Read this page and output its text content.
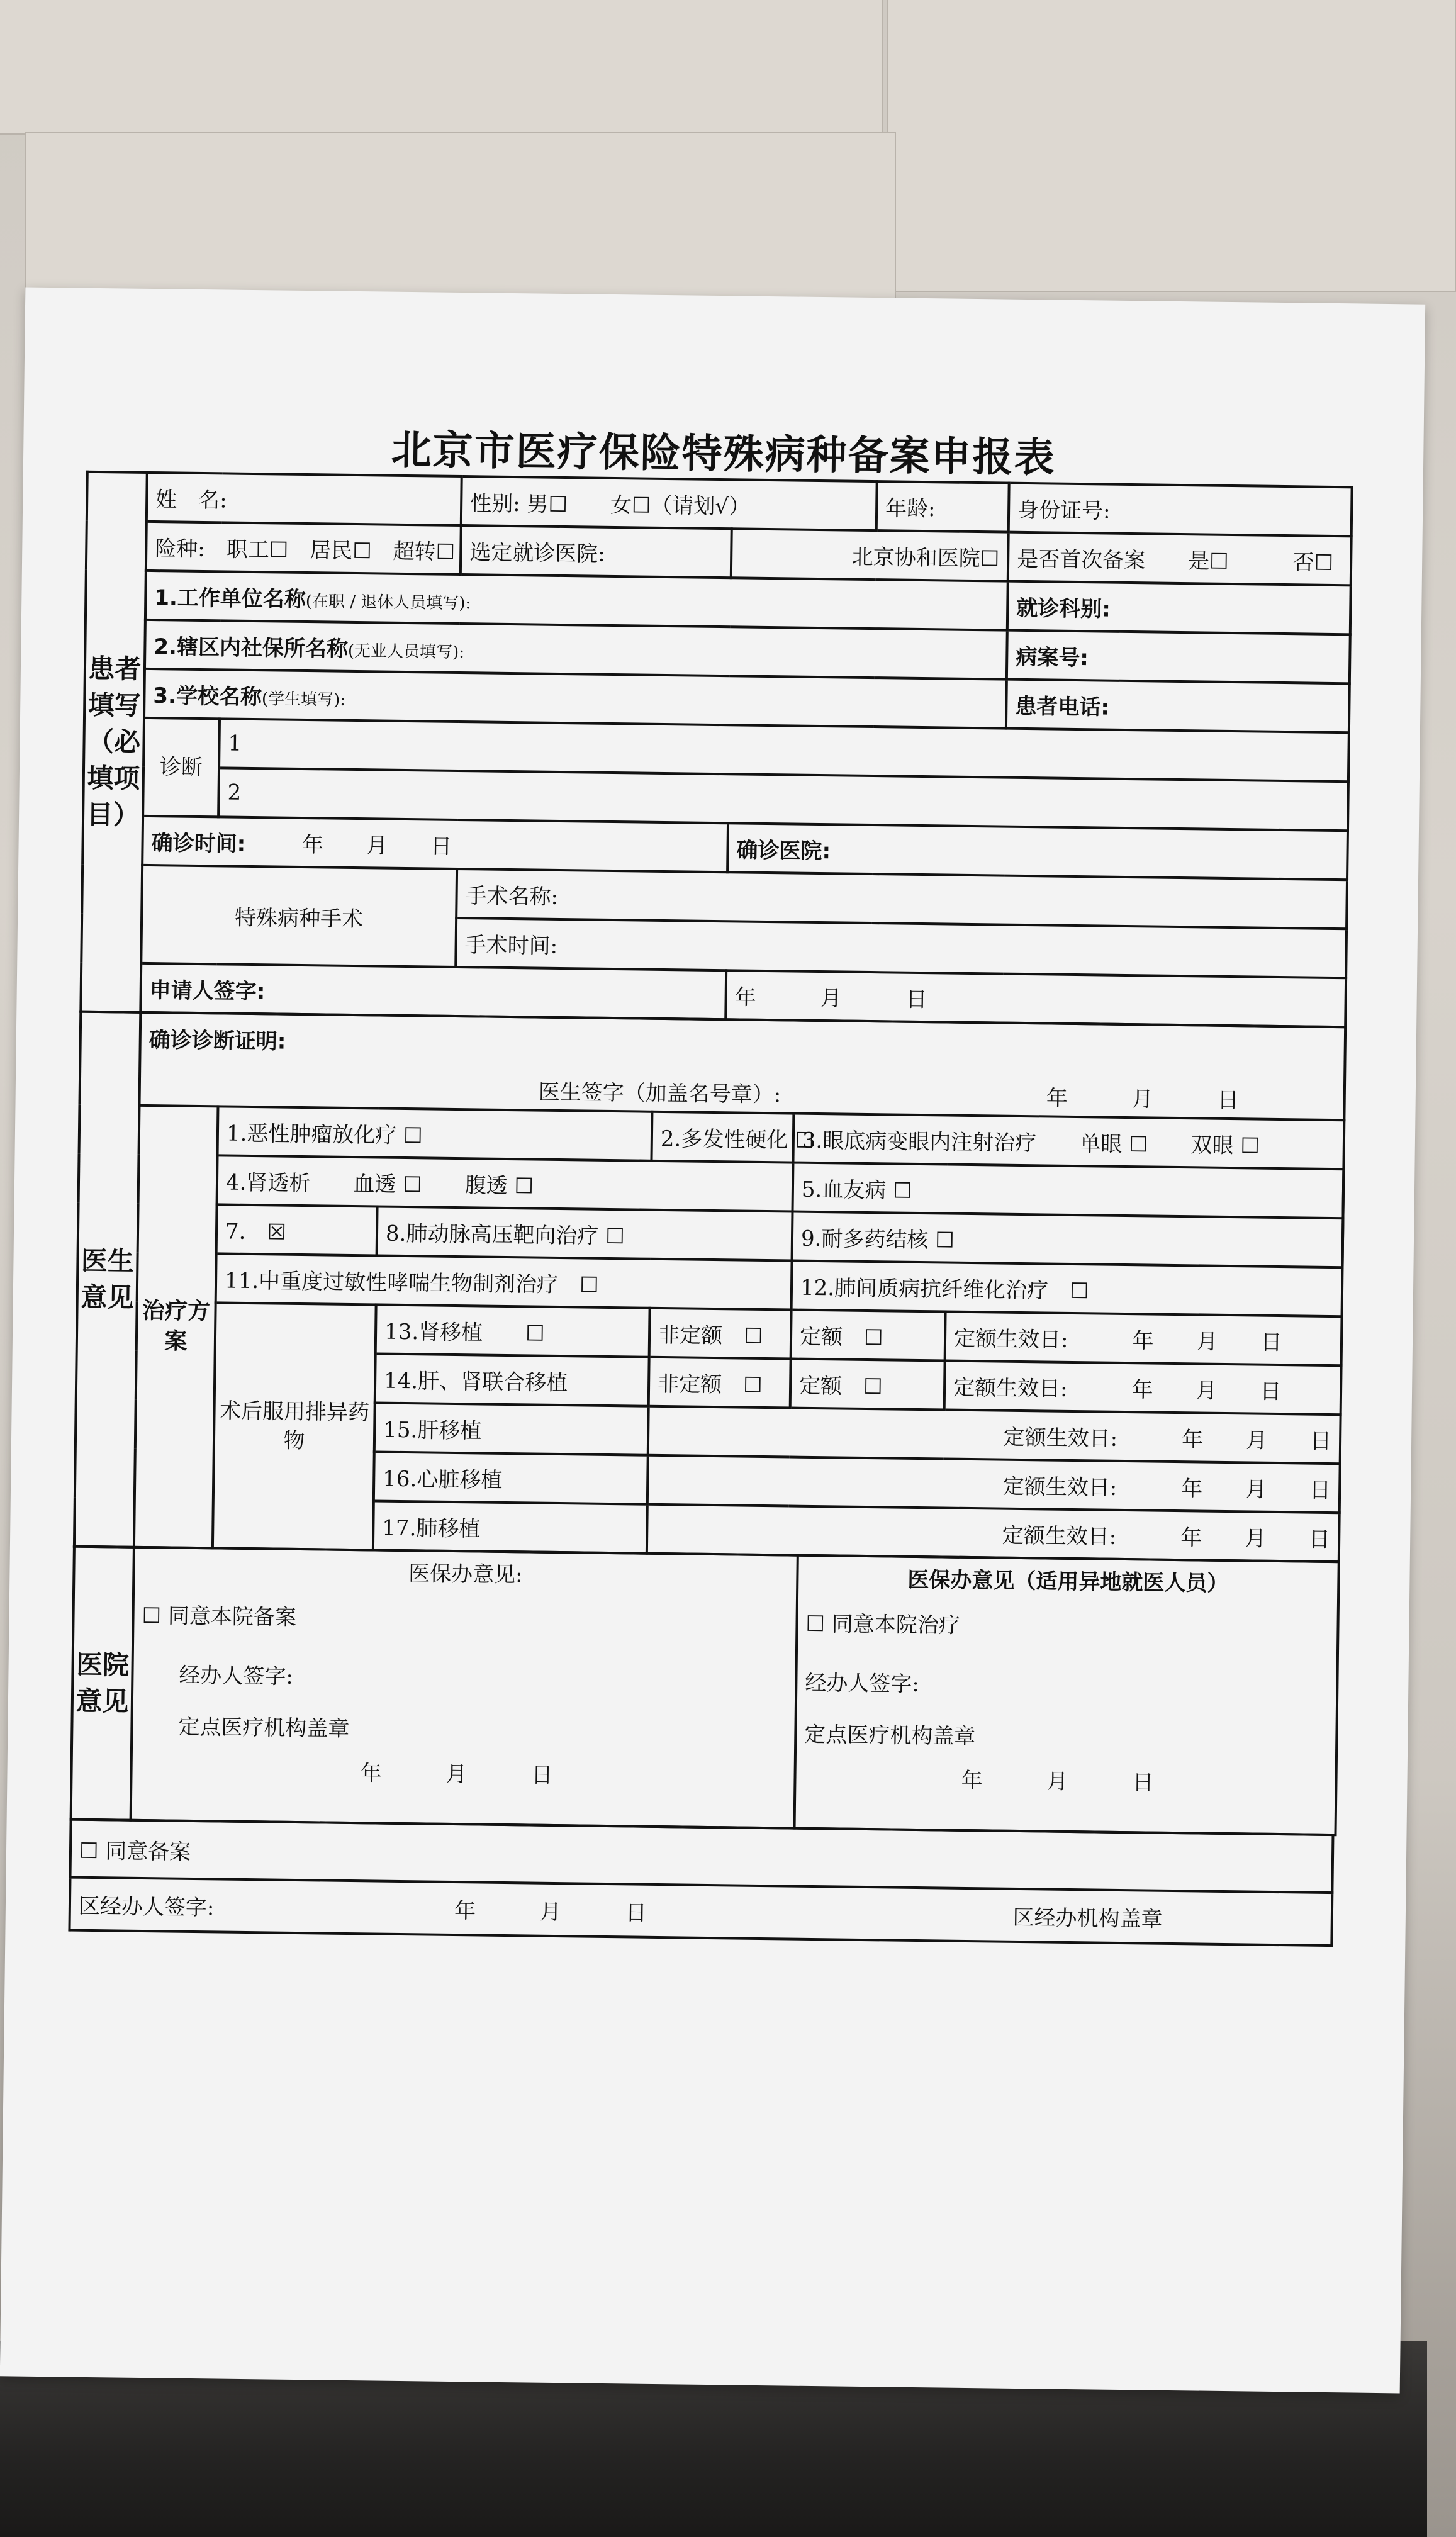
北京市医疗保险特殊病种备案申报表
患者填写（必填项目）	姓　名:		性别: 男☐　　女☐（请划√）		年龄:	身份证号:
	险种:　职工☐　居民☐　超转☐		选定就诊医院:	北京协和医院☐		是否首次备案　　是☐　　　否☐
	1.工作单位名称(在职 / 退休人员填写):					就诊科别:
	2.辖区内社保所名称(无业人员填写):					病案号:
	3.学校名称(学生填写):					患者电话:
	诊断	1				
		2				
	确诊时间: 年　　月　　日			确诊医院:		
	特殊病种手术		手术名称:			
			手术时间:			
	申请人签字:			年　　　月　　　日		
医生意见	确诊诊断证明:
医生签字（加盖名号章）: 年　　　月　　　日						

	治疗方案	1.恶性肿瘤放化疗 ☐		2.多发性硬化 ☐	3.眼底病变眼内注射治疗　　单眼 ☐　　双眼 ☐		
		4.肾透析　　血透 ☐　　腹透 ☐			5.血友病 ☐	
		7.　☒	8.肺动脉高压靶向治疗 ☐		9.耐多药结核 ☐	
		11.中重度过敏性哮喘生物制剂治疗　☐			12.肺间质病抗纤维化治疗　☐		
		术后服用排异药物	13.肾移植　　☐	非定额　☐	定额　☐	定额生效日:　　　年　　月　　日	
			14.肝、肾联合移植	非定额　☐	定额　☐	定额生效日:　　　年　　月　　日	
			15.肝移植	定额生效日:　　　年　　月　　日			
			16.心脏移植	定额生效日:　　　年　　月　　日			
			17.肺移植	定额生效日:　　　年　　月　　日			
医院意见	
医保办意见:
☐ 同意本院备案
经办人签字:
定点医疗机构盖章
年　　　月　　　日

医保办意见（适用异地就医人员）
☐ 同意本院治疗
经办人签字:
定点医疗机构盖章
年　　　月　　　日
☐ 同意备案
区经办人签字:	年　　　月　　　日	区经办机构盖章
